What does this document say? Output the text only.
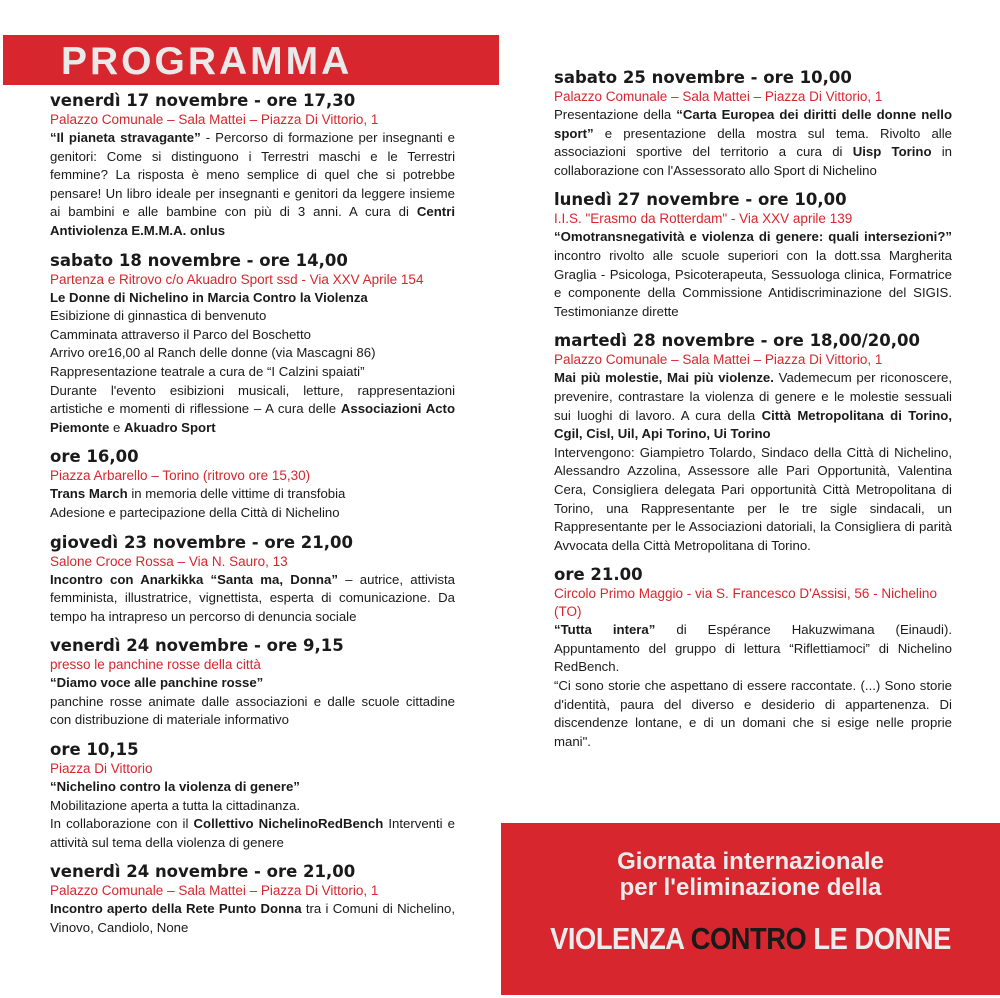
PROGRAMMA
venerdì 17 novembre - ore 17,30
Palazzo Comunale – Sala Mattei – Piazza Di Vittorio, 1
“Il pianeta stravagante” - Percorso di formazione per insegnanti e genitori: Come si distinguono i Terrestri maschi e le Terrestri femmine? La risposta è meno semplice di quel che si potrebbe pensare! Un libro ideale per insegnanti e genitori da leggere insieme ai bambini e alle bambine con più di 3 anni. A cura di Centri Antiviolenza E.M.M.A. onlus
sabato 18 novembre - ore 14,00
Partenza e Ritrovo c/o Akuadro Sport ssd - Via XXV Aprile 154
Le Donne di Nichelino in Marcia Contro la Violenza
Esibizione di ginnastica di benvenuto
Camminata attraverso il Parco del Boschetto
Arrivo ore16,00 al Ranch delle donne (via Mascagni 86)
Rappresentazione teatrale a cura de “I Calzini spaiati”
Durante l'evento esibizioni musicali, letture, rappresentazioni artistiche e momenti di riflessione – A cura delle Associazioni Acto Piemonte e Akuadro Sport
ore 16,00
Piazza Arbarello – Torino (ritrovo ore 15,30)
Trans March in memoria delle vittime di transfobia
Adesione e partecipazione della Città di Nichelino
giovedì 23 novembre - ore 21,00
Salone Croce Rossa – Via N. Sauro, 13
Incontro con Anarkikka “Santa ma, Donna” – autrice, attivista femminista, illustratrice, vignettista, esperta di comunicazione. Da tempo ha intrapreso un percorso di denuncia sociale
venerdì 24 novembre - ore 9,15
presso le panchine rosse della città
“Diamo voce alle panchine rosse”
panchine rosse animate dalle associazioni e dalle scuole cittadine con distribuzione di materiale informativo
ore 10,15
Piazza Di Vittorio
“Nichelino contro la violenza di genere”
Mobilitazione aperta a tutta la cittadinanza.
In collaborazione con il Collettivo NichelinoRedBench Interventi e attività sul tema della violenza di genere
venerdì 24 novembre - ore 21,00
Palazzo Comunale – Sala Mattei – Piazza Di Vittorio, 1
Incontro aperto della Rete Punto Donna tra i Comuni di Nichelino, Vinovo, Candiolo, None
sabato 25 novembre - ore 10,00
Palazzo Comunale – Sala Mattei – Piazza Di Vittorio, 1
Presentazione della “Carta Europea dei diritti delle donne nello sport” e presentazione della mostra sul tema. Rivolto alle associazioni sportive del territorio a cura di Uisp Torino in collaborazione con l'Assessorato allo Sport di Nichelino
lunedì 27 novembre - ore 10,00
I.I.S. "Erasmo da Rotterdam" - Via XXV aprile 139
“Omotransnegatività e violenza di genere: quali intersezioni?” incontro rivolto alle scuole superiori con la dott.ssa Margherita Graglia - Psicologa, Psicoterapeuta, Sessuologa clinica, Formatrice e componente della Commissione Antidiscriminazione del SIGIS. Testimonianze dirette
martedì 28 novembre - ore 18,00/20,00
Palazzo Comunale – Sala Mattei – Piazza Di Vittorio, 1
Mai più molestie, Mai più violenze. Vademecum per riconoscere, prevenire, contrastare la violenza di genere e le molestie sessuali sui luoghi di lavoro. A cura della Città Metropolitana di Torino, Cgil, Cisl, Uil, Api Torino, Ui Torino
Intervengono: Giampietro Tolardo, Sindaco della Città di Nichelino, Alessandro Azzolina, Assessore alle Pari Opportunità, Valentina Cera, Consigliera delegata Pari opportunità Città Metropolitana di Torino, una Rappresentante per le tre sigle sindacali, un Rappresentante per le Associazioni datoriali, la Consigliera di parità Avvocata della Città Metropolitana di Torino.
ore 21.00
Circolo Primo Maggio - via S. Francesco D'Assisi, 56 - Nichelino (TO)
“Tutta intera” di Espérance Hakuzwimana (Einaudi). Appuntamento del gruppo di lettura “Riflettiamoci” di Nichelino RedBench.
“Ci sono storie che aspettano di essere raccontate. (...) Sono storie d'identità, paura del diverso e desiderio di appartenenza. Di discendenze lontane, e di un domani che si esige nelle proprie mani".
Giornata internazionale
per l'eliminazione della
VIOLENZA CONTRO LE DONNE
